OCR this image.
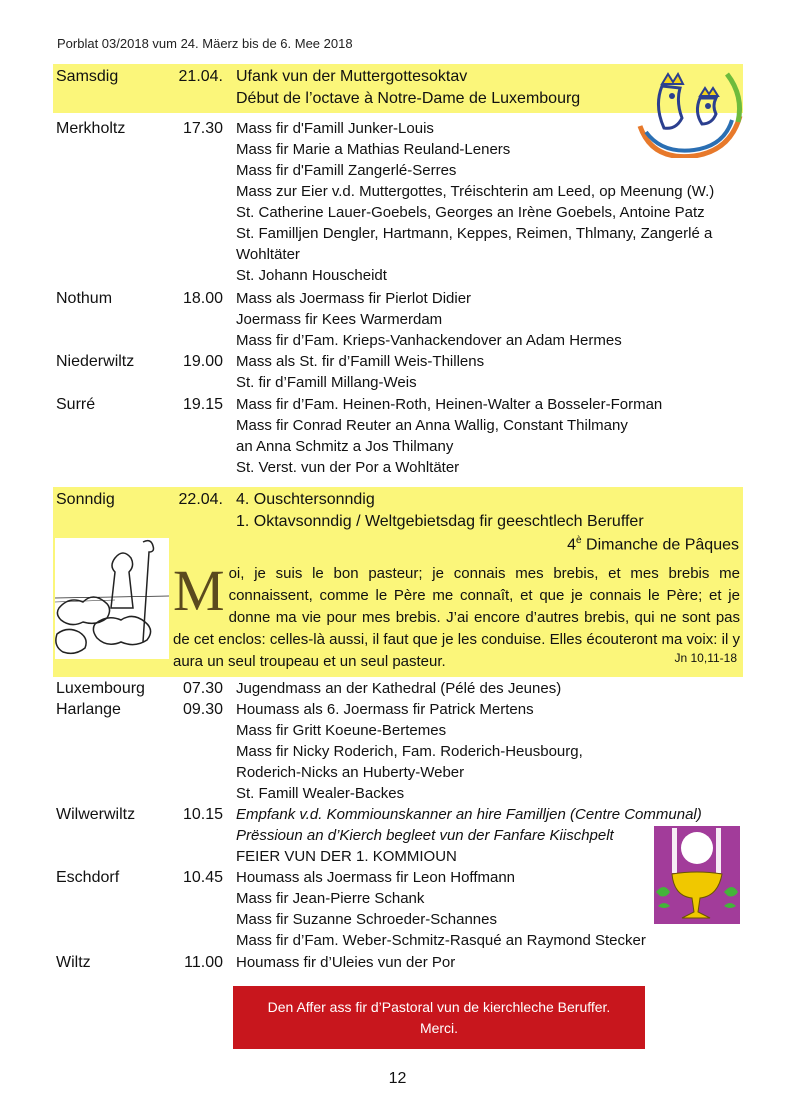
Porblat 03/2018 vum 24. Mäerz bis de 6. Mee 2018
Samsdig	21.04. Ufank vun der Muttergottesoktav
Début de l’octave à Notre-Dame de Luxembourg
Merkholtz	17.30 Mass fir d'Famill Junker-Louis
Mass fir Marie a Mathias Reuland-Leners
Mass fir d'Famill Zangerlé-Serres
Mass zur Eier v.d. Muttergottes, Tréischterin am Leed, op Meenung (W.)
St. Catherine Lauer-Goebels, Georges an Irène Goebels, Antoine Patz
St. Familljen Dengler, Hartmann, Keppes, Reimen, Thlmany, Zangerlé a
Wohltäter
St. Johann Houscheidt
Nothum	18.00 Mass als Joermass fir Pierlot Didier
Joermass fir Kees Warmerdam
Mass fir d’Fam. Krieps-Vanhackendover an Adam Hermes
Niederwiltz	19.00 Mass als St. fir d’Famill Weis-Thillens
St. fir d’Famill Millang-Weis
Surré	19.15 Mass fir d’Fam. Heinen-Roth, Heinen-Walter a Bosseler-Forman
Mass fir Conrad Reuter an Anna Wallig, Constant Thilmany
an Anna Schmitz a Jos Thilmany
St. Verst. vun der Por a Wohltäter
Sonndig	22.04. 4. Ouschtersonndig
1. Oktavsonndig / Weltgebietsdag fir geeschtlech Beruffer
$4^è$ Dimanche de Pâques
Moi, je suis le bon pasteur; je connais mes brebis, et mes brebis me connaissent, comme le Père me connaît, et que je connais le Père; et je donne ma vie pour mes brebis. J’ai encore d’autres brebis, qui ne sont pas de cet enclos: celles-là aussi, il faut que je les conduise. Elles écouteront ma voix: il y aura un seul troupeau et un seul pasteur.	Jn 10,11-18
Luxembourg	07.30 Jugendmass an der Kathedral (Pélé des Jeunes)
Harlange	09.30 Houmass als 6. Joermass fir Patrick Mertens
Mass fir Gritt Koeune-Bertemes
Mass fir Nicky Roderich, Fam. Roderich-Heusbourg,
Roderich-Nicks an Huberty-Weber
St. Famill Wealer-Backes
Wilwerwiltz	10.15 Empfank v.d. Kommiounskanner an hire Familljen (Centre Communal)
Prëssioun an d’Kierch begleet vun der Fanfare Kiischpelt
FEIER VUN DER 1. KOMMIOUN
Eschdorf	10.45 Houmass als Joermass fir Leon Hoffmann
Mass fir Jean-Pierre Schank
Mass fir Suzanne Schroeder-Schannes
Mass fir d’Fam. Weber-Schmitz-Rasqué an Raymond Stecker
Wiltz	11.00 Houmass fir d’Uleies vun der Por
Den Affer ass fir d’Pastoral vun de kierchleche Beruffer.
Merci.
12
